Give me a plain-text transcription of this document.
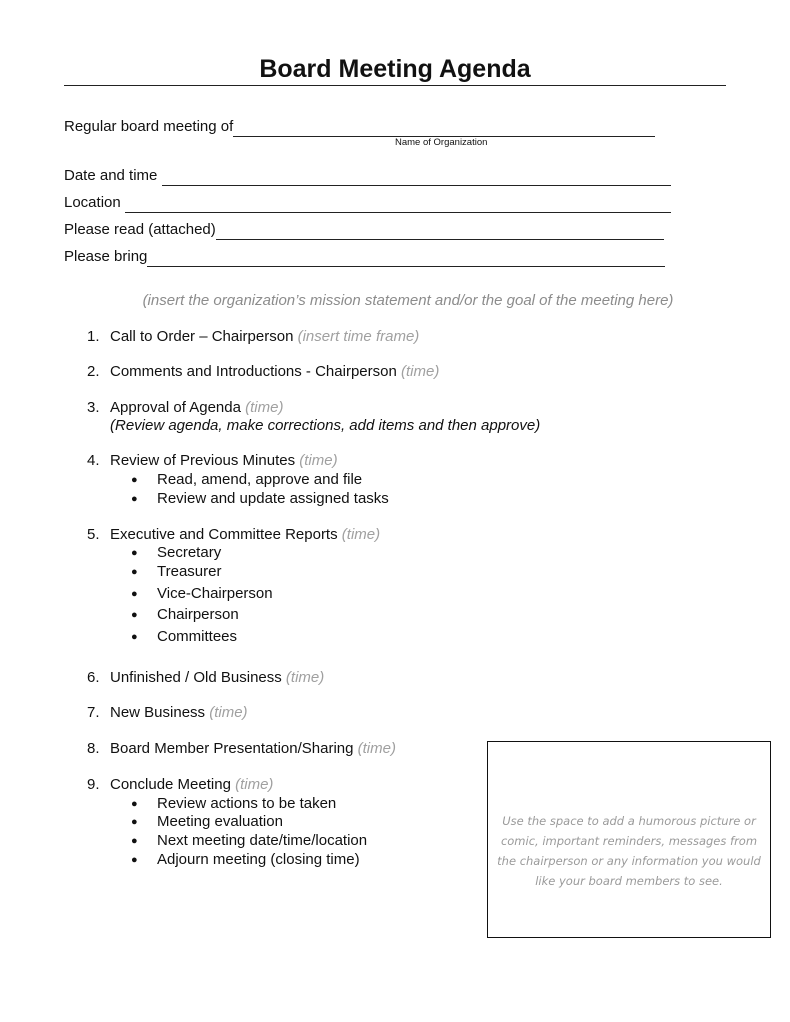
Board Meeting Agenda
Regular board meeting of
Name of Organization
Date and time
Location
Please read (attached)
Please bring
(insert the organization’s mission statement and/or the goal of the meeting here)
1. Call to Order – Chairperson (insert time frame)
2. Comments and Introductions - Chairperson (time)
3. Approval of Agenda (time)
(Review agenda, make corrections, add items and then approve)
4. Review of Previous Minutes (time)
● Read, amend, approve and file
● Review and update assigned tasks
5. Executive and Committee Reports (time)
● Secretary
● Treasurer
● Vice-Chairperson
● Chairperson
● Committees
6. Unfinished / Old Business (time)
7. New Business (time)
8. Board Member Presentation/Sharing (time)
9. Conclude Meeting (time)
● Review actions to be taken
● Meeting evaluation
● Next meeting date/time/location
● Adjourn meeting (closing time)
Use the space to add a humorous picture or comic, important reminders, messages from the chairperson or any information you would like your board members to see.
